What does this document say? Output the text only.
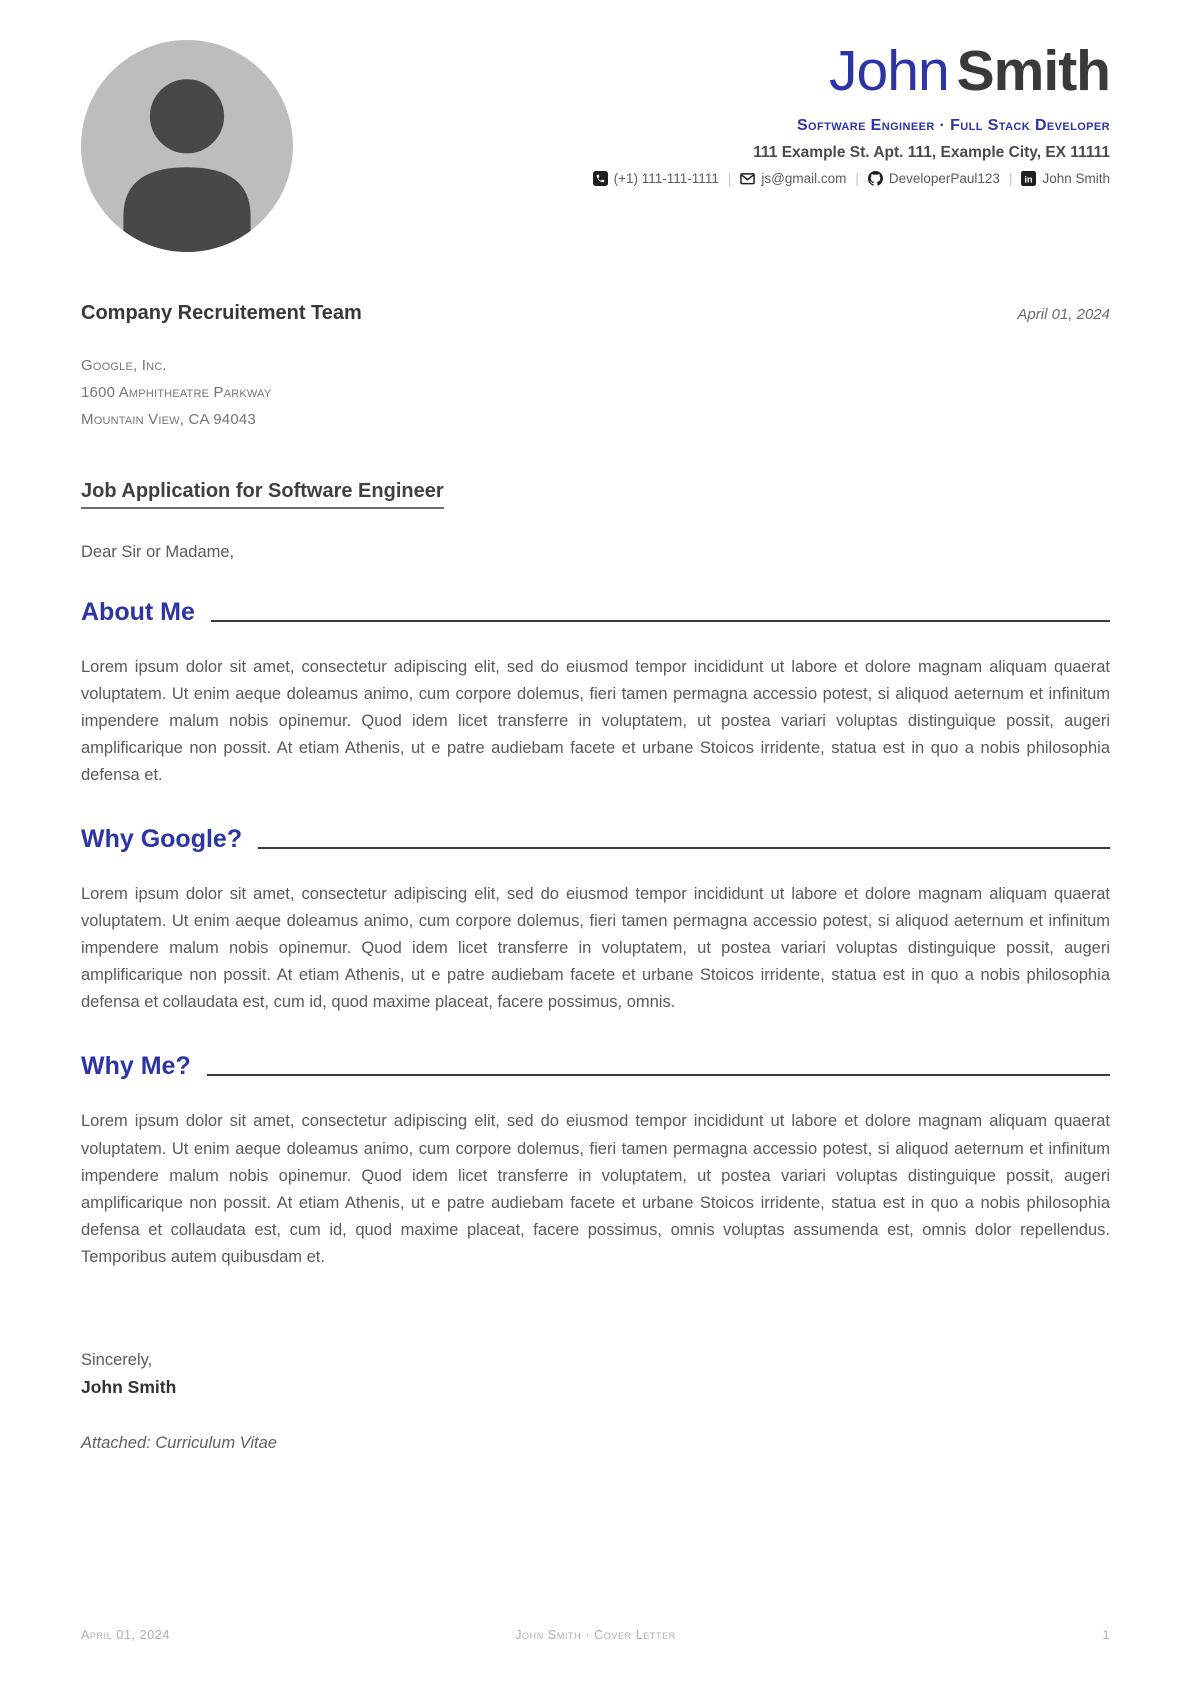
John Smith
Software Engineer · Full Stack Developer
111 Example St. Apt. 111, Example City, EX 11111
(+1) 111-111-1111 | js@gmail.com | DeveloperPaul123 | in John Smith
Company Recruitement Team	April 01, 2024
Google, Inc.
1600 Amphitheatre Parkway
Mountain View, CA 94043
Job Application for Software Engineer
Dear Sir or Madame,
About Me

Lorem ipsum dolor sit amet, consectetur adipiscing elit, sed do eiusmod tempor incididunt ut labore et dolore magnam aliquam quaerat voluptatem. Ut enim aeque doleamus animo, cum corpore dolemus, fieri tamen permagna accessio potest, si aliquod aeternum et infinitum impendere malum nobis opinemur. Quod idem licet transferre in voluptatem, ut postea variari voluptas distinguique possit, augeri amplificarique non possit. At etiam Athenis, ut e patre audiebam facete et urbane Stoicos irridente, statua est in quo a nobis philosophia defensa et.

Why Google?

Lorem ipsum dolor sit amet, consectetur adipiscing elit, sed do eiusmod tempor incididunt ut labore et dolore magnam aliquam quaerat voluptatem. Ut enim aeque doleamus animo, cum corpore dolemus, fieri tamen permagna accessio potest, si aliquod aeternum et infinitum impendere malum nobis opinemur. Quod idem licet transferre in voluptatem, ut postea variari voluptas distinguique possit, augeri amplificarique non possit. At etiam Athenis, ut e patre audiebam facete et urbane Stoicos irridente, statua est in quo a nobis philosophia defensa et collaudata est, cum id, quod maxime placeat, facere possimus, omnis.

Why Me?

Lorem ipsum dolor sit amet, consectetur adipiscing elit, sed do eiusmod tempor incididunt ut labore et dolore magnam aliquam quaerat voluptatem. Ut enim aeque doleamus animo, cum corpore dolemus, fieri tamen permagna accessio potest, si aliquod aeternum et infinitum impendere malum nobis opinemur. Quod idem licet transferre in voluptatem, ut postea variari voluptas distinguique possit, augeri amplificarique non possit. At etiam Athenis, ut e patre audiebam facete et urbane Stoicos irridente, statua est in quo a nobis philosophia defensa et collaudata est, cum id, quod maxime placeat, facere possimus, omnis voluptas assumenda est, omnis dolor repellendus. Temporibus autem quibusdam et.

Sincerely,
John Smith
Attached: Curriculum Vitae
April 01, 2024	John Smith · Cover Letter	1
